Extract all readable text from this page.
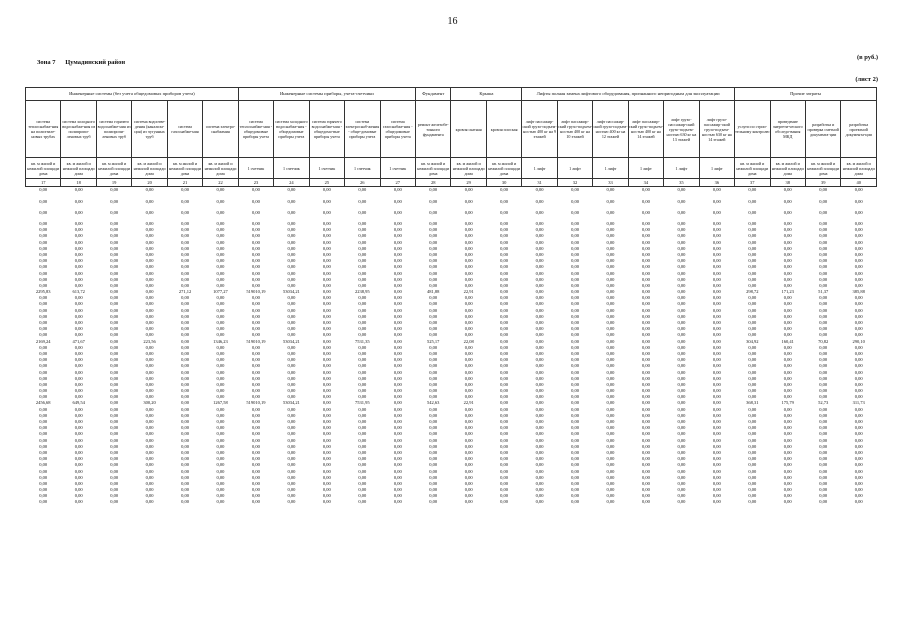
16
Зона 7 Цумадинский район
(в руб.)
(лист 2)
Инженерные системы (без учета общедомовых приборов учета)						Инженерные системы приборы, учета-счетчики					Фундамент	Крыша		Лифты полная замена лифтового оборудования, признанного непригодным для эксплуатации						Прочие затраты			
система теплоснабже-ния на полиэтиле-новых трубах	система холодного водоснабже-ния из полипропи-леновых труб	система горячего водоснабже-ния из полипропи-леновых труб	система водоотве-дения (канализа-ция) из чугунных труб	система газоснабже-ния	система электро-снабжения	система теплоснабже-ния - общедомовые приборы учета	система холодного водоснабже-ния - общедомовые приборы учета	система горячего водоснабже-ния - общедомо-вые приборы учета	система электроснаб-жения - обще-домовые приборы учета	система газоснабже-ния - общедомовые приборы учета	ремонт железобе-тонного фундамента	кровля скатная	кровля плоская	лифт пассажир-ский грузо-подъем-ностью 400 кг на 9 этажей	лифт пассажир-ский грузо-подъем-ностью 400 кг на 10 этажей	лифт пассажир-ский грузо-подъем-ностью 400 кг на 12 этажей	лифт пассажир-ский грузо-подъем-ностью 400 кг на 14 этажей	лифт грузо-пассажир-ский грузо-подъем-ностью 630 кг на 13 этажей	лифт грузо-пассажир-ский грузо-подъем-ностью 630 кг на 14 этажей	услуги по строи-тельному контролю	проведение энергети-ческого обследо-вания МКД	разработка и проверка сметной документа-ции	разработка проектной документа-ции
кв. м жилой и нежилой площади дома	кв. м жилой и нежилой площади дома	кв. м жилой и нежилой площади дома	кв. м жилой и нежилой площади дома	кв. м жилой и нежилой площади дома	кв. м жилой и нежилой площади дома	1 счетчик	1 счетчик	1 счетчик	1 счетчик	1 счетчик	кв. м жилой и нежилой площади дома	кв. м жилой и нежилой площади дома	кв. м жилой и нежилой площади дома	1 лифт	1 лифт	1 лифт	1 лифт	1 лифт	1 лифт	кв. м жилой и нежилой площади дома	кв. м жилой и нежилой площади дома	кв. м жилой и нежилой площади дома	кв. м жилой и нежилой площади дома
17	18	19	20	21	22	23	24	25	26	27	28	29	30	31	32	33	34	35	36	37	38	39	40
0,00	0,00	0,00	0,00	0,00	0,00	0,00	0,00	0,00	0,00	0,00	0,00	0,00	0,00	0,00	0,00	0,00	0,00	0,00	0,00	0,00	0,00	0,00	0,00

0,00	0,00	0,00	0,00	0,00	0,00	0,00	0,00	0,00	0,00	0,00	0,00	0,00	0,00	0,00	0,00	0,00	0,00	0,00	0,00	0,00	0,00	0,00	0,00

0,00	0,00	0,00	0,00	0,00	0,00	0,00	0,00	0,00	0,00	0,00	0,00	0,00	0,00	0,00	0,00	0,00	0,00	0,00	0,00	0,00	0,00	0,00	0,00

0,00	0,00	0,00	0,00	0,00	0,00	0,00	0,00	0,00	0,00	0,00	0,00	0,00	0,00	0,00	0,00	0,00	0,00	0,00	0,00	0,00	0,00	0,00	0,00
0,00	0,00	0,00	0,00	0,00	0,00	0,00	0,00	0,00	0,00	0,00	0,00	0,00	0,00	0,00	0,00	0,00	0,00	0,00	0,00	0,00	0,00	0,00	0,00
0,00	0,00	0,00	0,00	0,00	0,00	0,00	0,00	0,00	0,00	0,00	0,00	0,00	0,00	0,00	0,00	0,00	0,00	0,00	0,00	0,00	0,00	0,00	0,00
0,00	0,00	0,00	0,00	0,00	0,00	0,00	0,00	0,00	0,00	0,00	0,00	0,00	0,00	0,00	0,00	0,00	0,00	0,00	0,00	0,00	0,00	0,00	0,00
0,00	0,00	0,00	0,00	0,00	0,00	0,00	0,00	0,00	0,00	0,00	0,00	0,00	0,00	0,00	0,00	0,00	0,00	0,00	0,00	0,00	0,00	0,00	0,00
0,00	0,00	0,00	0,00	0,00	0,00	0,00	0,00	0,00	0,00	0,00	0,00	0,00	0,00	0,00	0,00	0,00	0,00	0,00	0,00	0,00	0,00	0,00	0,00
0,00	0,00	0,00	0,00	0,00	0,00	0,00	0,00	0,00	0,00	0,00	0,00	0,00	0,00	0,00	0,00	0,00	0,00	0,00	0,00	0,00	0,00	0,00	0,00
0,00	0,00	0,00	0,00	0,00	0,00	0,00	0,00	0,00	0,00	0,00	0,00	0,00	0,00	0,00	0,00	0,00	0,00	0,00	0,00	0,00	0,00	0,00	0,00
0,00	0,00	0,00	0,00	0,00	0,00	0,00	0,00	0,00	0,00	0,00	0,00	0,00	0,00	0,00	0,00	0,00	0,00	0,00	0,00	0,00	0,00	0,00	0,00
0,00	0,00	0,00	0,00	0,00	0,00	0,00	0,00	0,00	0,00	0,00	0,00	0,00	0,00	0,00	0,00	0,00	0,00	0,00	0,00	0,00	0,00	0,00	0,00
0,00	0,00	0,00	0,00	0,00	0,00	0,00	0,00	0,00	0,00	0,00	0,00	0,00	0,00	0,00	0,00	0,00	0,00	0,00	0,00	0,00	0,00	0,00	0,00
2295,83	613,72	0,00	0,00	271,12	1077,27	519010,19	53034,21	0,00	2238,95	0,00	481,88	22,91	0,00	0,00	0,00	0,00	0,00	0,00	0,00	298,72	171,23	51,37	385,88
0,00	0,00	0,00	0,00	0,00	0,00	0,00	0,00	0,00	0,00	0,00	0,00	0,00	0,00	0,00	0,00	0,00	0,00	0,00	0,00	0,00	0,00	0,00	0,00
0,00	0,00	0,00	0,00	0,00	0,00	0,00	0,00	0,00	0,00	0,00	0,00	0,00	0,00	0,00	0,00	0,00	0,00	0,00	0,00	0,00	0,00	0,00	0,00
0,00	0,00	0,00	0,00	0,00	0,00	0,00	0,00	0,00	0,00	0,00	0,00	0,00	0,00	0,00	0,00	0,00	0,00	0,00	0,00	0,00	0,00	0,00	0,00
0,00	0,00	0,00	0,00	0,00	0,00	0,00	0,00	0,00	0,00	0,00	0,00	0,00	0,00	0,00	0,00	0,00	0,00	0,00	0,00	0,00	0,00	0,00	0,00
0,00	0,00	0,00	0,00	0,00	0,00	0,00	0,00	0,00	0,00	0,00	0,00	0,00	0,00	0,00	0,00	0,00	0,00	0,00	0,00	0,00	0,00	0,00	0,00
0,00	0,00	0,00	0,00	0,00	0,00	0,00	0,00	0,00	0,00	0,00	0,00	0,00	0,00	0,00	0,00	0,00	0,00	0,00	0,00	0,00	0,00	0,00	0,00
0,00	0,00	0,00	0,00	0,00	0,00	0,00	0,00	0,00	0,00	0,00	0,00	0,00	0,00	0,00	0,00	0,00	0,00	0,00	0,00	0,00	0,00	0,00	0,00
2169,24	471,67	0,00	223,56	0,00	1346,23	519010,19	53034,21	0,00	7531,35	0,00	525,17	22,08	0,00	0,00	0,00	0,00	0,00	0,00	0,00	304,92	160,41	70,82	290,10
0,00	0,00	0,00	0,00	0,00	0,00	0,00	0,00	0,00	0,00	0,00	0,00	0,00	0,00	0,00	0,00	0,00	0,00	0,00	0,00	0,00	0,00	0,00	0,00
0,00	0,00	0,00	0,00	0,00	0,00	0,00	0,00	0,00	0,00	0,00	0,00	0,00	0,00	0,00	0,00	0,00	0,00	0,00	0,00	0,00	0,00	0,00	0,00
0,00	0,00	0,00	0,00	0,00	0,00	0,00	0,00	0,00	0,00	0,00	0,00	0,00	0,00	0,00	0,00	0,00	0,00	0,00	0,00	0,00	0,00	0,00	0,00
0,00	0,00	0,00	0,00	0,00	0,00	0,00	0,00	0,00	0,00	0,00	0,00	0,00	0,00	0,00	0,00	0,00	0,00	0,00	0,00	0,00	0,00	0,00	0,00
0,00	0,00	0,00	0,00	0,00	0,00	0,00	0,00	0,00	0,00	0,00	0,00	0,00	0,00	0,00	0,00	0,00	0,00	0,00	0,00	0,00	0,00	0,00	0,00
0,00	0,00	0,00	0,00	0,00	0,00	0,00	0,00	0,00	0,00	0,00	0,00	0,00	0,00	0,00	0,00	0,00	0,00	0,00	0,00	0,00	0,00	0,00	0,00
0,00	0,00	0,00	0,00	0,00	0,00	0,00	0,00	0,00	0,00	0,00	0,00	0,00	0,00	0,00	0,00	0,00	0,00	0,00	0,00	0,00	0,00	0,00	0,00
0,00	0,00	0,00	0,00	0,00	0,00	0,00	0,00	0,00	0,00	0,00	0,00	0,00	0,00	0,00	0,00	0,00	0,00	0,00	0,00	0,00	0,00	0,00	0,00
0,00	0,00	0,00	0,00	0,00	0,00	0,00	0,00	0,00	0,00	0,00	0,00	0,00	0,00	0,00	0,00	0,00	0,00	0,00	0,00	0,00	0,00	0,00	0,00
2456,68	649,54	0,00	300,20	0,00	1267,58	519010,19	53034,21	0,00	7531,95	0,00	542,63	22,91	0,00	0,00	0,00	0,00	0,00	0,00	0,00	368,31	175,79	52,73	311,73
0,00	0,00	0,00	0,00	0,00	0,00	0,00	0,00	0,00	0,00	0,00	0,00	0,00	0,00	0,00	0,00	0,00	0,00	0,00	0,00	0,00	0,00	0,00	0,00
0,00	0,00	0,00	0,00	0,00	0,00	0,00	0,00	0,00	0,00	0,00	0,00	0,00	0,00	0,00	0,00	0,00	0,00	0,00	0,00	0,00	0,00	0,00	0,00
0,00	0,00	0,00	0,00	0,00	0,00	0,00	0,00	0,00	0,00	0,00	0,00	0,00	0,00	0,00	0,00	0,00	0,00	0,00	0,00	0,00	0,00	0,00	0,00
0,00	0,00	0,00	0,00	0,00	0,00	0,00	0,00	0,00	0,00	0,00	0,00	0,00	0,00	0,00	0,00	0,00	0,00	0,00	0,00	0,00	0,00	0,00	0,00
0,00	0,00	0,00	0,00	0,00	0,00	0,00	0,00	0,00	0,00	0,00	0,00	0,00	0,00	0,00	0,00	0,00	0,00	0,00	0,00	0,00	0,00	0,00	0,00
0,00	0,00	0,00	0,00	0,00	0,00	0,00	0,00	0,00	0,00	0,00	0,00	0,00	0,00	0,00	0,00	0,00	0,00	0,00	0,00	0,00	0,00	0,00	0,00
0,00	0,00	0,00	0,00	0,00	0,00	0,00	0,00	0,00	0,00	0,00	0,00	0,00	0,00	0,00	0,00	0,00	0,00	0,00	0,00	0,00	0,00	0,00	0,00
0,00	0,00	0,00	0,00	0,00	0,00	0,00	0,00	0,00	0,00	0,00	0,00	0,00	0,00	0,00	0,00	0,00	0,00	0,00	0,00	0,00	0,00	0,00	0,00
0,00	0,00	0,00	0,00	0,00	0,00	0,00	0,00	0,00	0,00	0,00	0,00	0,00	0,00	0,00	0,00	0,00	0,00	0,00	0,00	0,00	0,00	0,00	0,00
0,00	0,00	0,00	0,00	0,00	0,00	0,00	0,00	0,00	0,00	0,00	0,00	0,00	0,00	0,00	0,00	0,00	0,00	0,00	0,00	0,00	0,00	0,00	0,00
0,00	0,00	0,00	0,00	0,00	0,00	0,00	0,00	0,00	0,00	0,00	0,00	0,00	0,00	0,00	0,00	0,00	0,00	0,00	0,00	0,00	0,00	0,00	0,00
0,00	0,00	0,00	0,00	0,00	0,00	0,00	0,00	0,00	0,00	0,00	0,00	0,00	0,00	0,00	0,00	0,00	0,00	0,00	0,00	0,00	0,00	0,00	0,00
0,00	0,00	0,00	0,00	0,00	0,00	0,00	0,00	0,00	0,00	0,00	0,00	0,00	0,00	0,00	0,00	0,00	0,00	0,00	0,00	0,00	0,00	0,00	0,00
0,00	0,00	0,00	0,00	0,00	0,00	0,00	0,00	0,00	0,00	0,00	0,00	0,00	0,00	0,00	0,00	0,00	0,00	0,00	0,00	0,00	0,00	0,00	0,00
0,00	0,00	0,00	0,00	0,00	0,00	0,00	0,00	0,00	0,00	0,00	0,00	0,00	0,00	0,00	0,00	0,00	0,00	0,00	0,00	0,00	0,00	0,00	0,00
0,00	0,00	0,00	0,00	0,00	0,00	0,00	0,00	0,00	0,00	0,00	0,00	0,00	0,00	0,00	0,00	0,00	0,00	0,00	0,00	0,00	0,00	0,00	0,00
